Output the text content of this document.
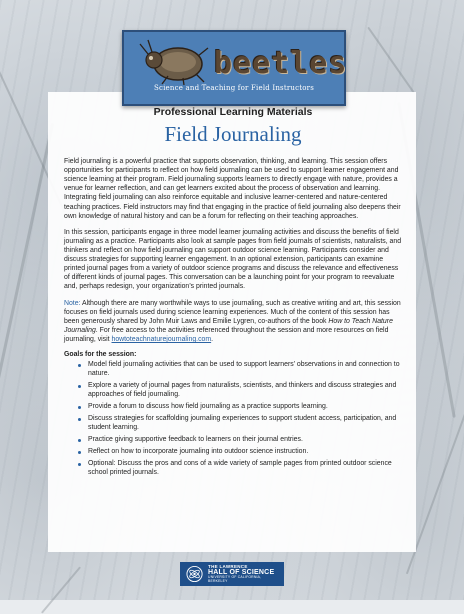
beetles
Science and Teaching for Field Instructors
Professional Learning Materials
Field Journaling

Field journaling is a powerful practice that supports observation, thinking, and learning. This session offers opportunities for participants to reflect on how field journaling can be used to support learner engagement and science learning at their program. Field journaling supports learners to directly engage with nature, provides a venue for learner reflection, and can get learners excited about the process of observation and learning. Integrating field journaling can also reinforce equitable and inclusive learner-centered and nature-centered teaching practices. Field instructors may find that engaging in the practice of field journaling also deepens their own knowledge of natural history and can be a forum for reflecting on their teaching approaches.

In this session, participants engage in three model learner journaling activities and discuss the benefits of field journaling as a practice. Participants also look at sample pages from field journals of scientists, naturalists, and thinkers and reflect on how field journaling can support outdoor science learning. Participants consider and discuss strategies for supporting learner engagement. In an optional extension, participants can examine printed journal pages from a variety of outdoor science programs and discuss the relevance and effectiveness of different kinds of journal pages. This conversation can be a launching point for your program to reevaluate and, perhaps redesign, your organization’s printed journals.

Note: Although there are many worthwhile ways to use journaling, such as creative writing and art, this session focuses on field journals used during science learning experiences. Much of the content of this session has been generously shared by John Muir Laws and Emilie Lygren, co-authors of the book How to Teach Nature Journaling. For free access to the activities referenced throughout the session and more resources on field journaling, visit howtoteachnaturejournaling.com.

Goals for the session:
Model field journaling activities that can be used to support learners’ observations in and connection to nature.
Explore a variety of journal pages from naturalists, scientists, and thinkers and discuss strategies and approaches of field journaling.
Provide a forum to discuss how field journaling as a practice supports learning.
Discuss strategies for scaffolding journaling experiences to support student access, participation, and student learning.
Practice giving supportive feedback to learners on their journal entries.
Reflect on how to incorporate journaling into outdoor science instruction.
Optional: Discuss the pros and cons of a wide variety of sample pages from printed outdoor science school printed journals.
THE LAWRENCE
HALL OF SCIENCE
UNIVERSITY OF CALIFORNIA, BERKELEY
